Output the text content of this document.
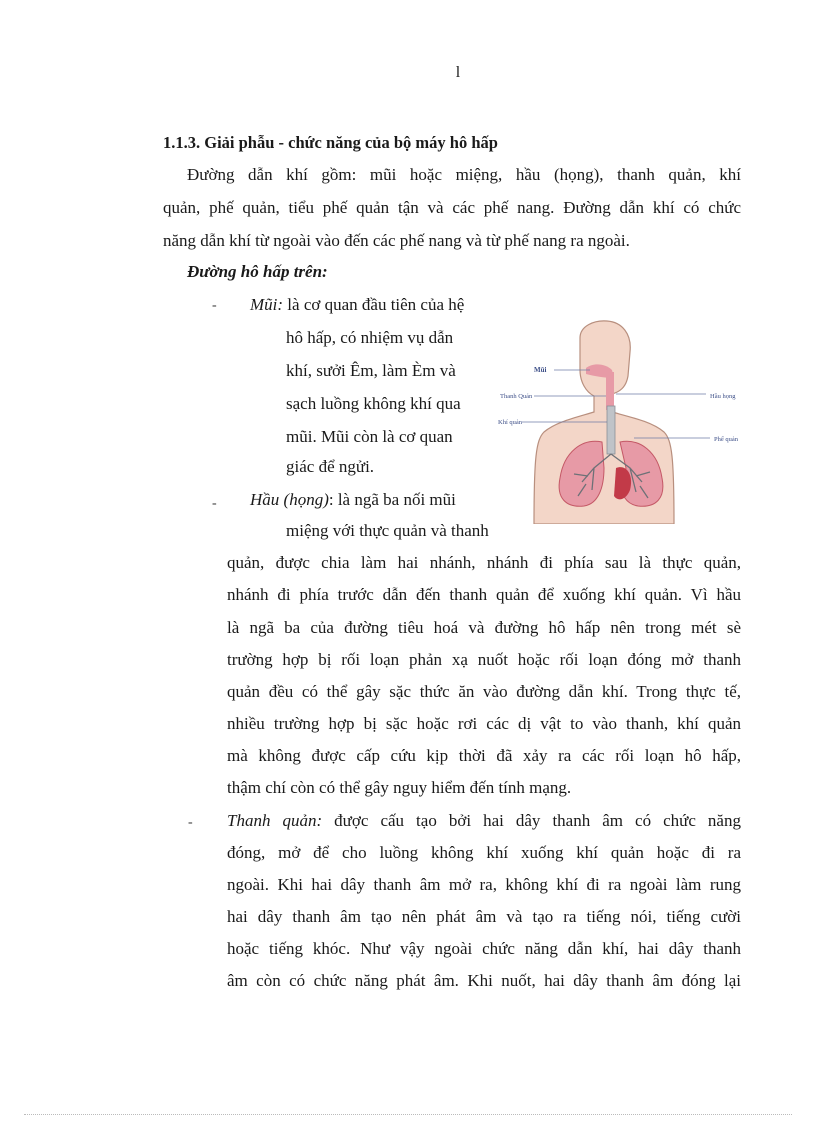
l
1.1.3. Giải phẫu - chức năng của bộ máy hô hấp
Đường dẫn khí gồm: mũi hoặc miệng, hầu (họng), thanh quản, khí
quản, phế quản, tiểu phế quản tận và các phế nang. Đường dẫn khí có chức
năng dẫn khí từ ngoài vào đến các phế nang và từ phế nang ra ngoài.
Đường hô hấp trên:
- Mũi: là cơ quan đầu tiên của hệ
hô hấp, có nhiệm vụ dẫn
khí, sưởi Êm, làm Èm và
sạch luồng không khí qua
mũi. Mũi còn là cơ quan
giác để ngửi.
- Hầu (họng): là ngã ba nối mũi
miệng với thực quản và thanh
quản, được chia làm hai nhánh, nhánh đi phía sau là thực quản,
nhánh đi phía trước dẫn đến thanh quản để xuống khí quản. Vì hầu
là ngã ba của đường tiêu hoá và đường hô hấp nên trong mét sè
trường hợp bị rối loạn phản xạ nuốt hoặc rối loạn đóng mở thanh
quản đều có thể gây sặc thức ăn vào đường dẫn khí. Trong thực tế,
nhiều trường hợp bị sặc hoặc rơi các dị vật to vào thanh, khí quản
mà không được cấp cứu kịp thời đã xảy ra các rối loạn hô hấp,
thậm chí còn có thể gây nguy hiểm đến tính mạng.
- Thanh quản: được cấu tạo bởi hai dây thanh âm có chức năng
đóng, mở để cho luồng không khí xuống khí quản hoặc đi ra
ngoài. Khi hai dây thanh âm mở ra, không khí đi ra ngoài làm rung
hai dây thanh âm tạo nên phát âm và tạo ra tiếng nói, tiếng cười
hoặc tiếng khóc. Như vậy ngoài chức năng dẫn khí, hai dây thanh
âm còn có chức năng phát âm. Khi nuốt, hai dây thanh âm đóng lại
Mũi
Thanh Quản
Khí quản
Hầu họng
Phế quản
